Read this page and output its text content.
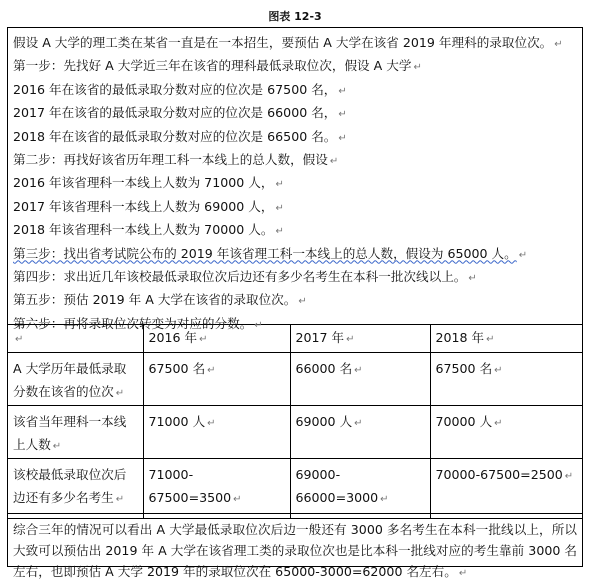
图表 12-3
假设 A 大学的理工类在某省一直是在一本招生，要预估 A 大学在该省 2019 年理科的录取位次。 ↵
第一步：先找好 A 大学近三年在该省的理科最低录取位次，假设 A 大学 ↵
2016 年在该省的最低录取分数对应的位次是 67500 名， ↵
2017 年在该省的最低录取分数对应的位次是 66000 名， ↵
2018 年在该省的最低录取分数对应的位次是 66500 名。 ↵
第二步：再找好该省历年理工科一本线上的总人数，假设 ↵
2016 年该省理科一本线上人数为 71000 人， ↵
2017 年该省理科一本线上人数为 69000 人， ↵
2018 年该省理科一本线上人数为 70000 人。 ↵
第三步：找出省考试院公布的 2019 年该省理工科一本线上的总人数，假设为 65000 人。 ↵
第四步：求出近几年该校最低录取位次后边还有多少名考生在本科一批次线以上。 ↵
第五步：预估 2019 年 A 大学在该省的录取位次。 ↵
第六步：再将录取位次转变为对应的分数。 ↵
↵	2016 年 ↵	2017 年 ↵	2018 年 ↵
A 大学历年最低录取分数在该省的位次 ↵	67500 名 ↵	66000 名 ↵	67500 名 ↵
该省当年理科一本线上人数 ↵	71000 人 ↵	69000 人 ↵	70000 人 ↵
该校最低录取位次后边还有多少名考生 ↵	71000-67500=3500 ↵	69000-66000=3000 ↵	70000-67500=2500 ↵
综合三年的情况可以看出 A 大学最低录取位次后边一般还有 3000 多名考生在本科一批线以上，所以大致可以预估出 2019 年 A 大学在该省理工类的录取位次也是比本科一批线对应的考生靠前 3000 名左右，也即预估 A 大学 2019 年的录取位次在 65000-3000=62000 名左右。 ↵
